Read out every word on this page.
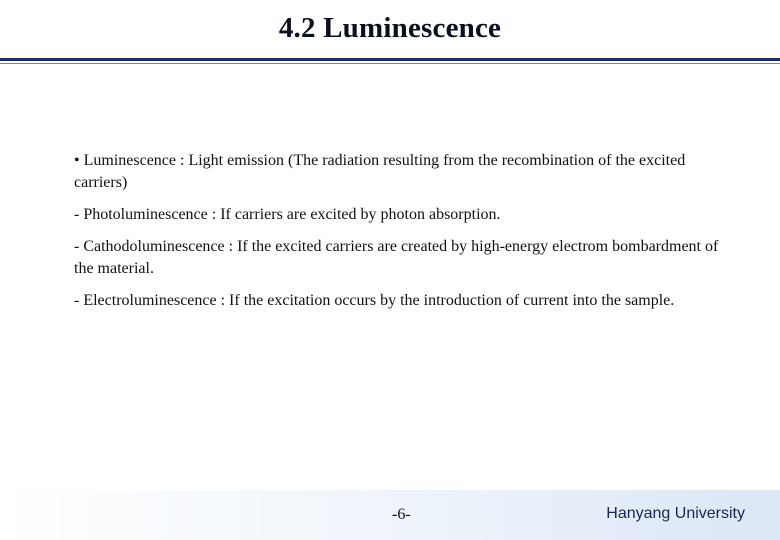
4.2 Luminescence

• Luminescence : Light emission (The radiation resulting from the recombination of the excited carriers)

- Photoluminescence : If carriers are excited by photon absorption.

- Cathodoluminescence : If the excited carriers are created by high-energy electrom bombardment of the material.

- Electroluminescence : If the excitation occurs by the introduction of current into the sample.

-6-	Hanyang University
